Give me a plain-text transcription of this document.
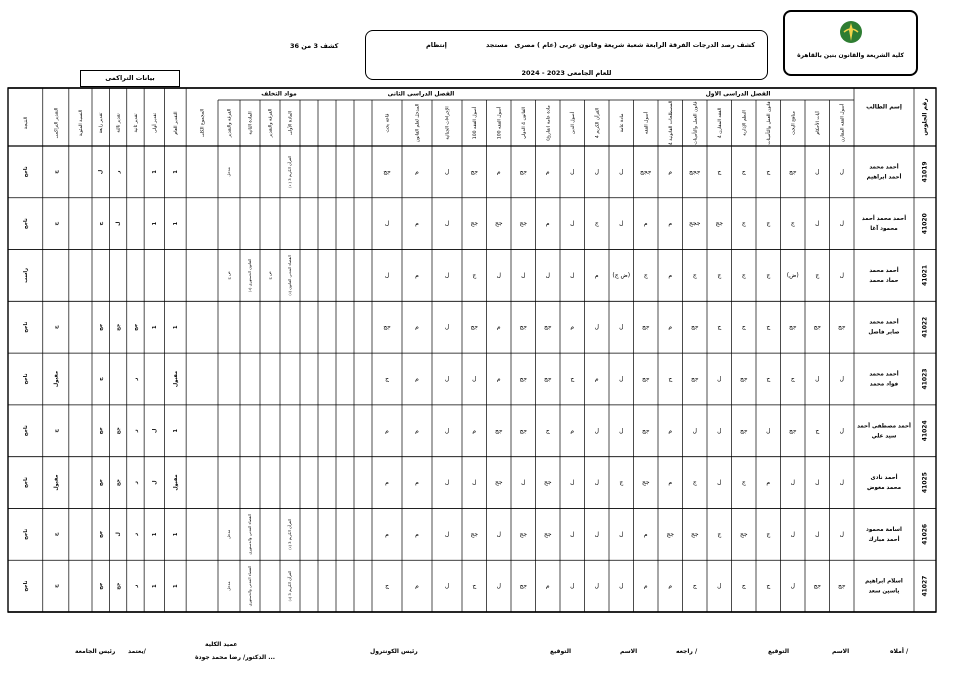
كلية الشريعة والقانون بنين بالقاهرة
كشف رصد الدرجات الفرقة الرابعة شعبة شريعة وقانون عربى (عام ) مصرى
مستجد
إنتظام
للعام الجامعى 2023 - 2024
كشف 3 من 36
بيانات التراكمى
الفصل الدراسى الاول
الفصل الدراسى الثانى
مواد التخلف
رقم الجلوس
إسم الطالب
أصول الفقه المقارن
آيات الأحكام
مناهج البحث
قانون العمل والتأمينات
النظم الإدارية
الفقه المقارن 4
قانون العمل والتأمينات
المصطلحات القانونية 4
أصول الفقه
مادة عامة
القرآن الكريم 4
أصول الدين
مادة عامة (تفاريخ)
القانون 4 الدولي
أصول الفقه 100
أصول الفقه 100
الإجراءات الجنائية
المدخل لعلم القانون
قاعة بحث
المادة الأولى
الفرقة والتقدير
المادة الثانية
الفرقة والتقدير
المجموع الكلى
التقدير العام
تقدير أولى
تقدير ثانية
تقدير ثالثة
تقدير رابعة
النسبة المئوية
التقدير التراكمى
النتيجة
41019
أحمد محمد
أحمد ابراهيم
ل
ل
جج
ج
ج
ج
ججج
م
ججج
ل
ل
ل
م
جج
م
جج
ل
م
جج
القرآن الكريم 3 ( د)
مدخل
1
1
ر
ل
ج
ناجح
41020
أحمد محمد أحمد
محمود آغا
ل
ل
ج
ج
ج
جج
ججج
م
م
ل
ج
ل
م
جج
جج
جج
ل
م
ل
1
1
ل
ج
ج
ناجح
41021
أحمد محمد
حماد محمد
ل
ج
(ض)
ج
ج
ج
ج
م
ج
(ض ج)
م
ل
ل
ل
ل
ج
ل
م
ل
القضاء المدنى القانون (د)
ض ج
القانون الدستورى (د)
ض ج
راسب
41022
أحمد محمد
صابر فاضل
جج
جج
جج
ج
ج
ج
جج
م
جج
ل
ل
م
جج
جج
م
جج
ل
م
جج
1
1
جج
جج
جج
ج
ناجح
41023
أحمد محمد
فواد محمد
ل
ل
ج
ج
جج
ل
جج
ج
جج
ل
م
ج
جج
جج
م
ل
ل
م
ج
مقبول
ر
ج
مقبول
ناجح
41024
أحمد مصطفى أحمد
سيد علي
ل
ج
جج
ل
جج
ل
ل
م
جج
ل
ل
م
ج
جج
جج
م
ل
م
م
1
ل
ر
جج
جج
ج
ناجح
41025
أحمد نادى
محمد معوض
ل
ل
ل
م
ج
ل
ج
م
جج
ج
ل
ل
جج
ل
جج
ل
ل
م
م
مقبول
ل
ر
جج
جج
مقبول
ناجح
41026
اسامة محمود
أحمد مبارك
ل
ل
ل
ج
جج
ج
جج
جج
م
ل
ل
ل
جج
جج
ل
جج
ل
م
م
القرآن الكريم 3 (د)
القضاء المدنى والدستورى
مدخل
1
1
ر
ل
جج
ج
ناجح
41027
اسلام ابراهيم
ياسين سعد
جج
جج
ل
ج
ج
ل
ج
م
م
ل
ل
ل
م
جج
ل
ج
ل
م
ج
القرآن الكريم 3 (د)
القضاء المدنى والدستورى
مدخل
1
1
ر
جج
جج
ج
ناجح
أملاه /
الاسم
التوقيع
راجعه /
الاسم
التوقيع
رئيس الكونترول
عميد الكلية
الدكتور/ رضا محمد جودة ...
يعتمد/
رئيس الجامعة
